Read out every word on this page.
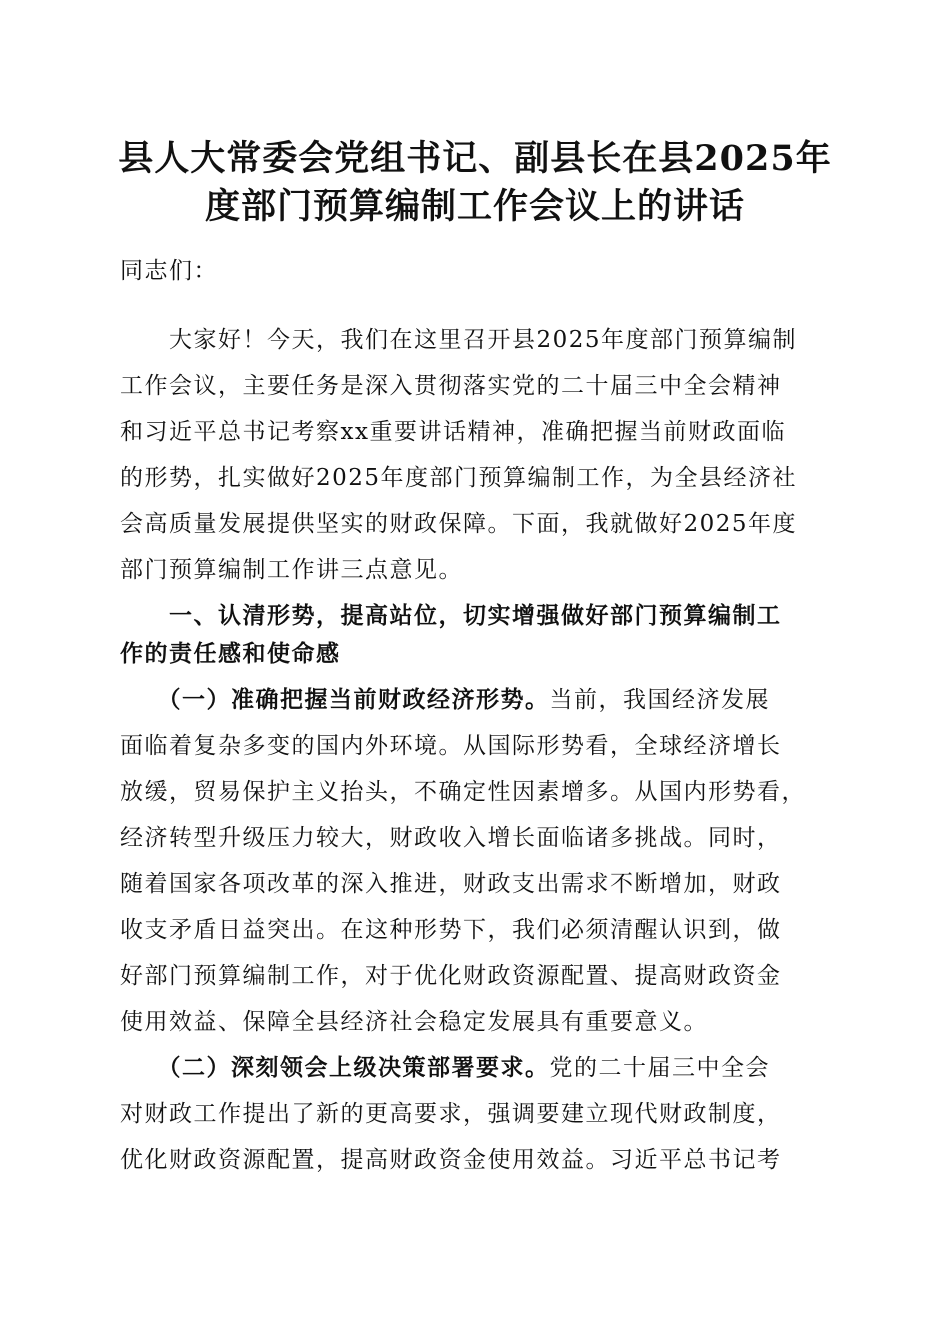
县人大常委会党组书记、副县长在县2025年
度部门预算编制工作会议上的讲话
同志们：
　　大家好！今天，我们在这里召开县2025年度部门预算编制
工作会议，主要任务是深入贯彻落实党的二十届三中全会精神
和习近平总书记考察xx重要讲话精神，准确把握当前财政面临
的形势，扎实做好2025年度部门预算编制工作，为全县经济社
会高质量发展提供坚实的财政保障。下面，我就做好2025年度
部门预算编制工作讲三点意见。
　　一、认清形势，提高站位，切实增强做好部门预算编制工
作的责任感和使命感
　　（一）准确把握当前财政经济形势。当前，我国经济发展
面临着复杂多变的国内外环境。从国际形势看，全球经济增长
放缓，贸易保护主义抬头，不确定性因素增多。从国内形势看，
经济转型升级压力较大，财政收入增长面临诸多挑战。同时，
随着国家各项改革的深入推进，财政支出需求不断增加，财政
收支矛盾日益突出。在这种形势下，我们必须清醒认识到，做
好部门预算编制工作，对于优化财政资源配置、提高财政资金
使用效益、保障全县经济社会稳定发展具有重要意义。
　　（二）深刻领会上级决策部署要求。党的二十届三中全会
对财政工作提出了新的更高要求，强调要建立现代财政制度，
优化财政资源配置，提高财政资金使用效益。习近平总书记考
